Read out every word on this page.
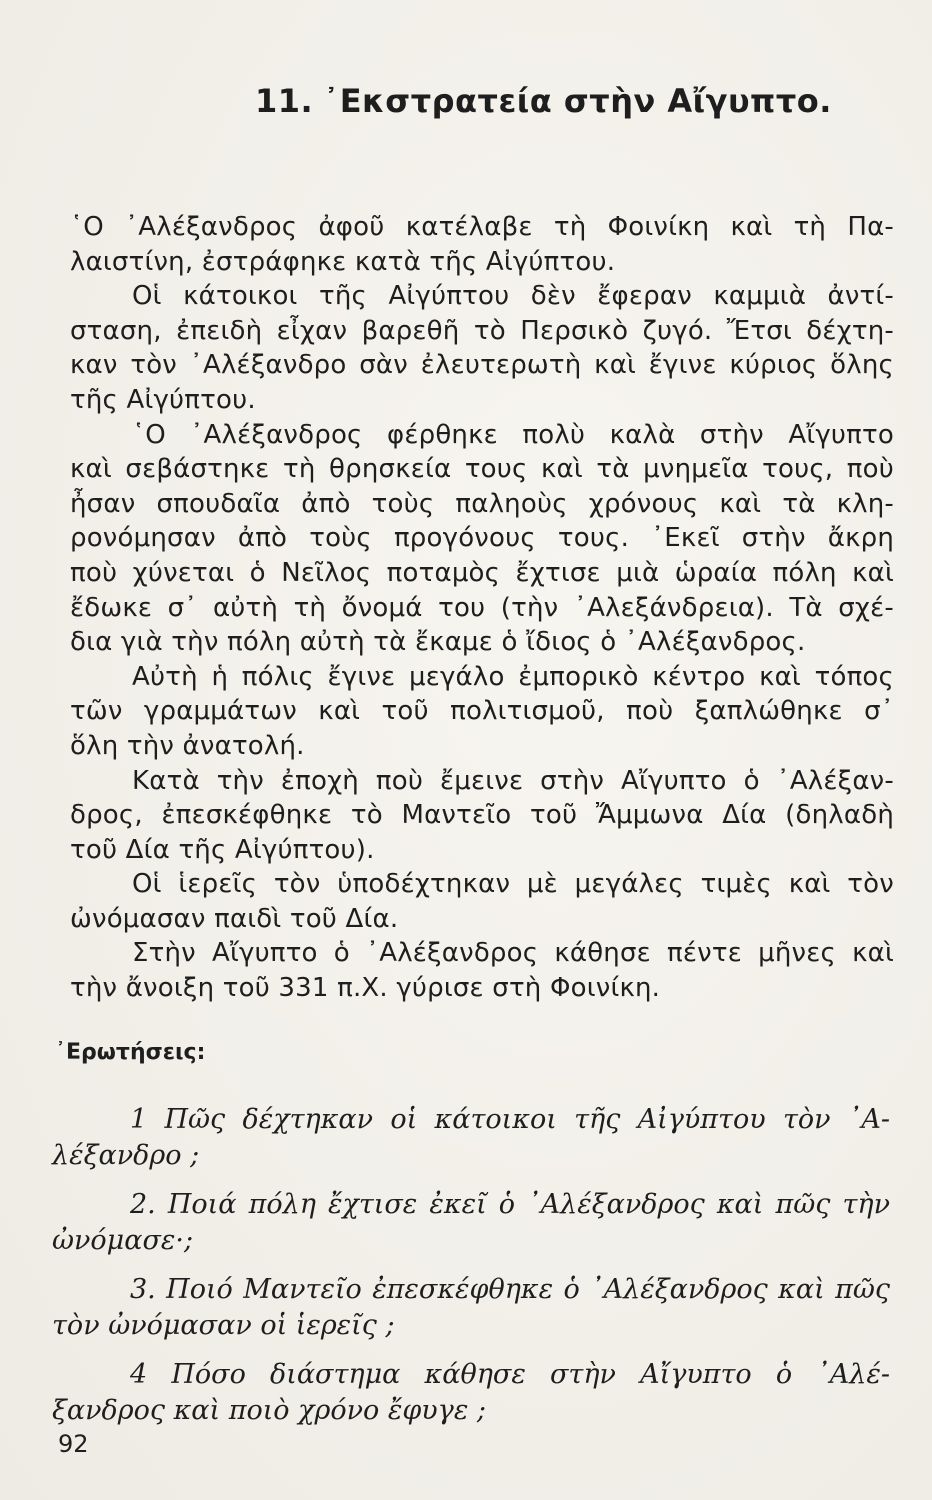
11. ᾿Εκστρατεία στὴν Αἴγυπτο.
῾Ο ᾿Αλέξανδρος ἀφοῦ κατέλαβε τὴ Φοινίκη καὶ τὴ Πα-
λαιστίνη, ἐστράφηκε κατὰ τῆς Αἰγύπτου.
Οἱ κάτοικοι τῆς Αἰγύπτου δὲν ἔφεραν καμμιὰ ἀντί-
σταση, ἐπειδὴ εἶχαν βαρεθῆ τὸ Περσικὸ ζυγό. Ἔτσι δέχτη-
καν τὸν ᾿Αλέξανδρο σὰν ἐλευτερωτὴ καὶ ἔγινε κύριος ὅλης
τῆς Αἰγύπτου.
῾Ο ᾿Αλέξανδρος φέρθηκε πολὺ καλὰ στὴν Αἴγυπτο
καὶ σεβάστηκε τὴ θρησκεία τους καὶ τὰ μνημεῖα τους, ποὺ
ἦσαν σπουδαῖα ἀπὸ τοὺς παληοὺς χρόνους καὶ τὰ κλη-
ρονόμησαν ἀπὸ τοὺς προγόνους τους. ᾿Εκεῖ στὴν ἄκρη
ποὺ χύνεται ὁ Νεῖλος ποταμὸς ἔχτισε μιὰ ὡραία πόλη καὶ
ἔδωκε σ᾿ αὐτὴ τὴ ὄνομά του (τὴν ᾿Αλεξάνδρεια). Τὰ σχέ-
δια γιὰ τὴν πόλη αὐτὴ τὰ ἔκαμε ὁ ἴδιος ὁ ᾿Αλέξανδρος.
Αὐτὴ ἡ πόλις ἔγινε μεγάλο ἐμπορικὸ κέντρο καὶ τόπος
τῶν γραμμάτων καὶ τοῦ πολιτισμοῦ, ποὺ ξαπλώθηκε σ᾿
ὅλη τὴν ἀνατολή.
Κατὰ τὴν ἐποχὴ ποὺ ἔμεινε στὴν Αἴγυπτο ὁ ᾿Αλέξαν-
δρος, ἐπεσκέφθηκε τὸ Μαντεῖο τοῦ Ἄμμωνα Δία (δηλαδὴ
τοῦ Δία τῆς Αἰγύπτου).
Οἱ ἱερεῖς τὸν ὑποδέχτηκαν μὲ μεγάλες τιμὲς καὶ τὸν
ὠνόμασαν παιδὶ τοῦ Δία.
Στὴν Αἴγυπτο ὁ ᾿Αλέξανδρος κάθησε πέντε μῆνες καὶ
τὴν ἄνοιξη τοῦ 331 π.Χ. γύρισε στὴ Φοινίκη.
᾿Ερωτήσεις:
1 Πῶς δέχτηκαν οἱ κάτοικοι τῆς Αἰγύπτου τὸν ᾿Α-
λέξανδρο ;
2. Ποιά πόλη ἔχτισε ἐκεῖ ὁ ᾿Αλέξανδρος καὶ πῶς τὴν
ὠνόμασε·;
3. Ποιό Μαντεῖο ἐπεσκέφθηκε ὁ ᾿Αλέξανδρος καὶ πῶς
τὸν ὠνόμασαν οἱ ἱερεῖς ;
4 Πόσο διάστημα κάθησε στὴν Αἴγυπτο ὁ ᾿Αλέ-
ξανδρος καὶ ποιὸ χρόνο ἔφυγε ;
92
